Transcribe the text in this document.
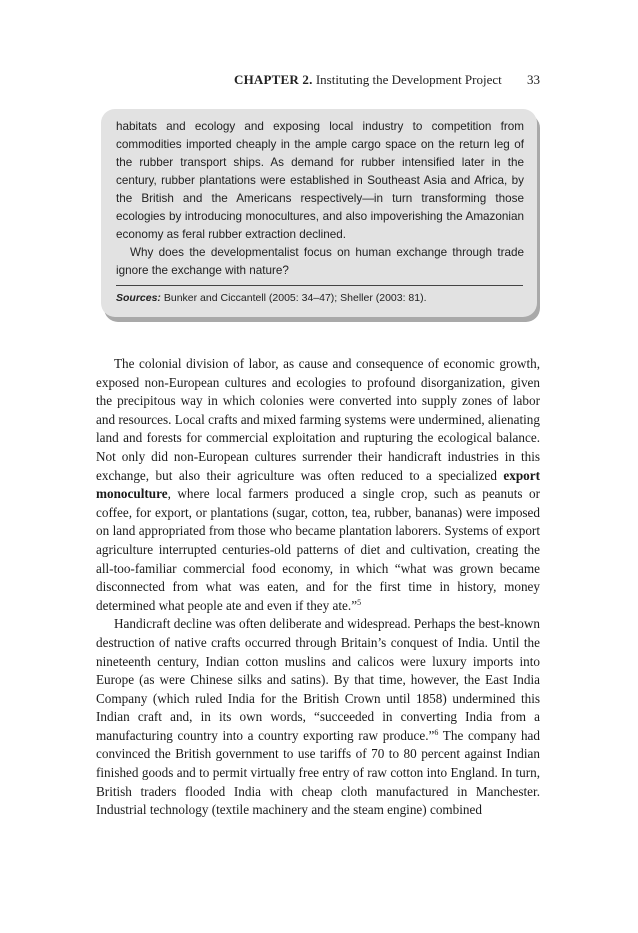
CHAPTER 2. Instituting the Development Project 33

habitats and ecology and exposing local industry to competition from commodities imported cheaply in the ample cargo space on the return leg of the rubber transport ships. As demand for rubber intensified later in the century, rubber plantations were established in Southeast Asia and Africa, by the British and the Americans respectively—in turn transforming those ecologies by introducing monocultures, and also impoverishing the Amazonian economy as feral rubber extraction declined.

Why does the developmentalist focus on human exchange through trade ignore the exchange with nature?

Sources: Bunker and Ciccantell (2005: 34–47); Sheller (2003: 81).

The colonial division of labor, as cause and consequence of economic growth, exposed non-European cultures and ecologies to profound disorganization, given the precipitous way in which colonies were converted into supply zones of labor and resources. Local crafts and mixed farming systems were undermined, alienating land and forests for commercial exploitation and rupturing the ecological balance. Not only did non-European cultures surrender their handicraft industries in this exchange, but also their agriculture was often reduced to a specialized export monoculture, where local farmers produced a single crop, such as peanuts or coffee, for export, or plantations (sugar, cotton, tea, rubber, bananas) were imposed on land appropriated from those who became plantation laborers. Systems of export agriculture interrupted centuries-old patterns of diet and cultivation, creating the all-too-familiar commercial food economy, in which “what was grown became disconnected from what was eaten, and for the first time in history, money determined what people ate and even if they ate.”$^5$

Handicraft decline was often deliberate and widespread. Perhaps the best-known destruction of native crafts occurred through Britain’s conquest of India. Until the nineteenth century, Indian cotton muslins and calicos were luxury imports into Europe (as were Chinese silks and satins). By that time, however, the East India Company (which ruled India for the British Crown until 1858) undermined this Indian craft and, in its own words, “succeeded in converting India from a manufacturing country into a country exporting raw produce.”$^6$ The company had convinced the British government to use tariffs of 70 to 80 percent against Indian finished goods and to permit virtually free entry of raw cotton into England. In turn, British traders flooded India with cheap cloth manufactured in Manchester. Industrial technology (textile machinery and the steam engine) combined
